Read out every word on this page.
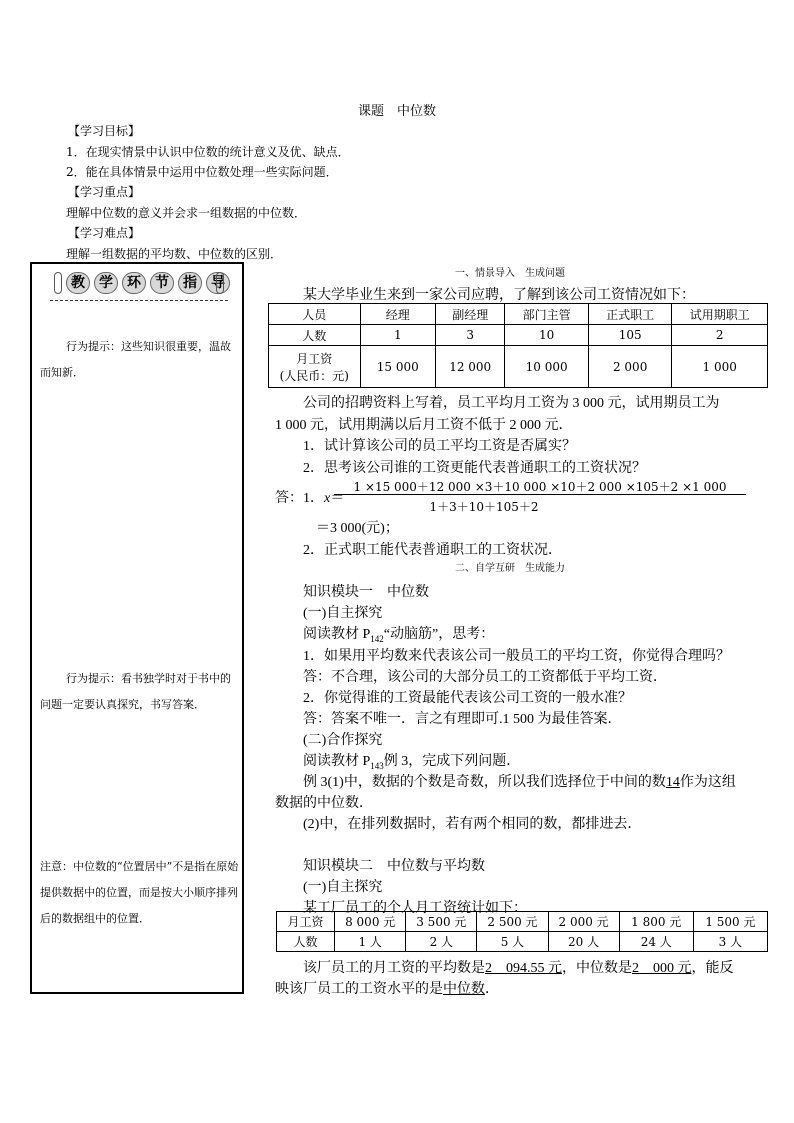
课题　中位数
【学习目标】
1．在现实情景中认识中位数的统计意义及优、缺点．
2．能在具体情景中运用中位数处理一些实际问题．
【学习重点】
理解中位数的意义并会求一组数据的中位数．
【学习难点】
理解一组数据的平均数、中位数的区别．
教	学	环	节	指	导
行为提示：这些知识很重要，温故而知新．
行为提示：看书独学时对于书中的问题一定要认真探究，书写答案．
注意：中位数的“位置居中”不是指在原始提供数据中的位置，而是按大小顺序排列后的数据组中的位置．
一、情景导入　生成问题
某大学毕业生来到一家公司应聘，了解到该公司工资情况如下：
人员	经理	副经理	部门主管	正式职工	试用期职工
人数	1	3	10	105	2

月工资
(人民币：元)	15 000	12 000	10 000	2 000	1 000
公司的招聘资料上写着，员工平均月工资为 3 000 元，试用期员工为
1 000 元，试用期满以后月工资不低于 2 000 元．
1．试计算该公司的员工平均工资是否属实？
2．思考该公司谁的工资更能代表普通职工的工资状况？
答：1．x＝
1 ×15 000＋12 000 ×3＋10 000 ×10＋2 000 ×105＋2 ×1 000
1＋3＋10＋105＋2
＝3 000(元)；
2．正式职工能代表普通职工的工资状况．
二、自学互研　生成能力
知识模块一　中位数
(一)自主探究
阅读教材 $P_{142}“$动脑筋”，思考：
1．如果用平均数来代表该公司一般员工的平均工资，你觉得合理吗？
答：不合理，该公司的大部分员工的工资都低于平均工资．
2．你觉得谁的工资最能代表该公司工资的一般水准？
答：答案不唯一．言之有理即可.1 500 为最佳答案．
(二)合作探究
阅读教材 $P_{143}$例 3，完成下列问题．
例 3(1)中，数据的个数是奇数，所以我们选择位于中间的数14作为这组
数据的中位数．
(2)中，在排列数据时，若有两个相同的数，都排进去．
知识模块二　中位数与平均数
(一)自主探究
某工厂员工的个人月工资统计如下：
月工资	8 000 元	3 500 元	2 500 元	2 000 元	1 800 元	1 500 元
人数	1 人	2 人	5 人	20 人	24 人	3 人
该厂员工的月工资的平均数是2　094.55 元，中位数是2　000 元，能反
映该厂员工的工资水平的是中位数．
